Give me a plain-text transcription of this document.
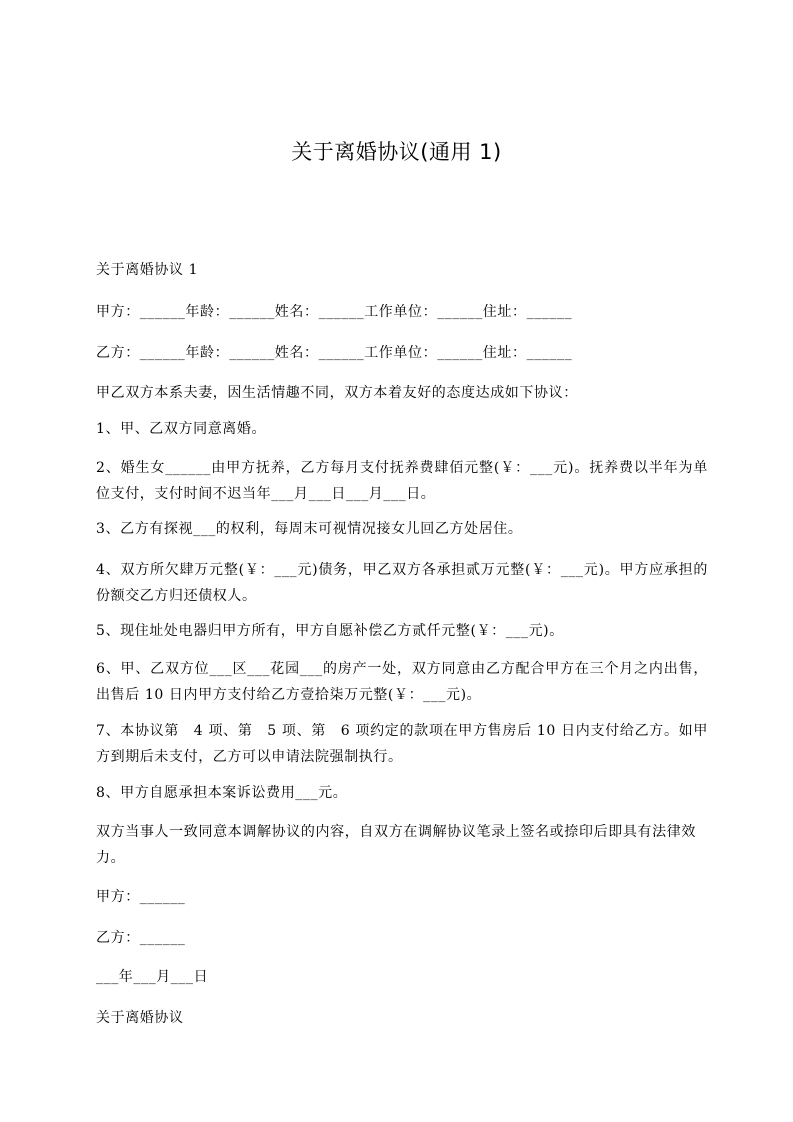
关于离婚协议(通用 1)
关于离婚协议 1
甲方：______年龄：______姓名：______工作单位：______住址：______
乙方：______年龄：______姓名：______工作单位：______住址：______
甲乙双方本系夫妻，因生活情趣不同，双方本着友好的态度达成如下协议：
1、甲、乙双方同意离婚。
2、婚生女______由甲方抚养，乙方每月支付抚养费肆佰元整(￥：___元)。抚养费以半年为单位支付，支付时间不迟当年___月___日___月___日。
3、乙方有探视___的权利，每周末可视情况接女儿回乙方处居住。
4、双方所欠肆万元整(￥：___元)债务，甲乙双方各承担贰万元整(￥：___元)。甲方应承担的份额交乙方归还债权人。
5、现住址处电器归甲方所有，甲方自愿补偿乙方贰仟元整(￥：___元)。
6、甲、乙双方位___区___花园___的房产一处，双方同意由乙方配合甲方在三个月之内出售，出售后 10 日内甲方支付给乙方壹拾柒万元整(￥：___元)。
7、本协议第　4 项、第　5 项、第　6 项约定的款项在甲方售房后 10 日内支付给乙方。如甲方到期后未支付，乙方可以申请法院强制执行。
8、甲方自愿承担本案诉讼费用___元。
双方当事人一致同意本调解协议的内容，自双方在调解协议笔录上签名或捺印后即具有法律效力。
甲方：______
乙方：______
___年___月___日
关于离婚协议
